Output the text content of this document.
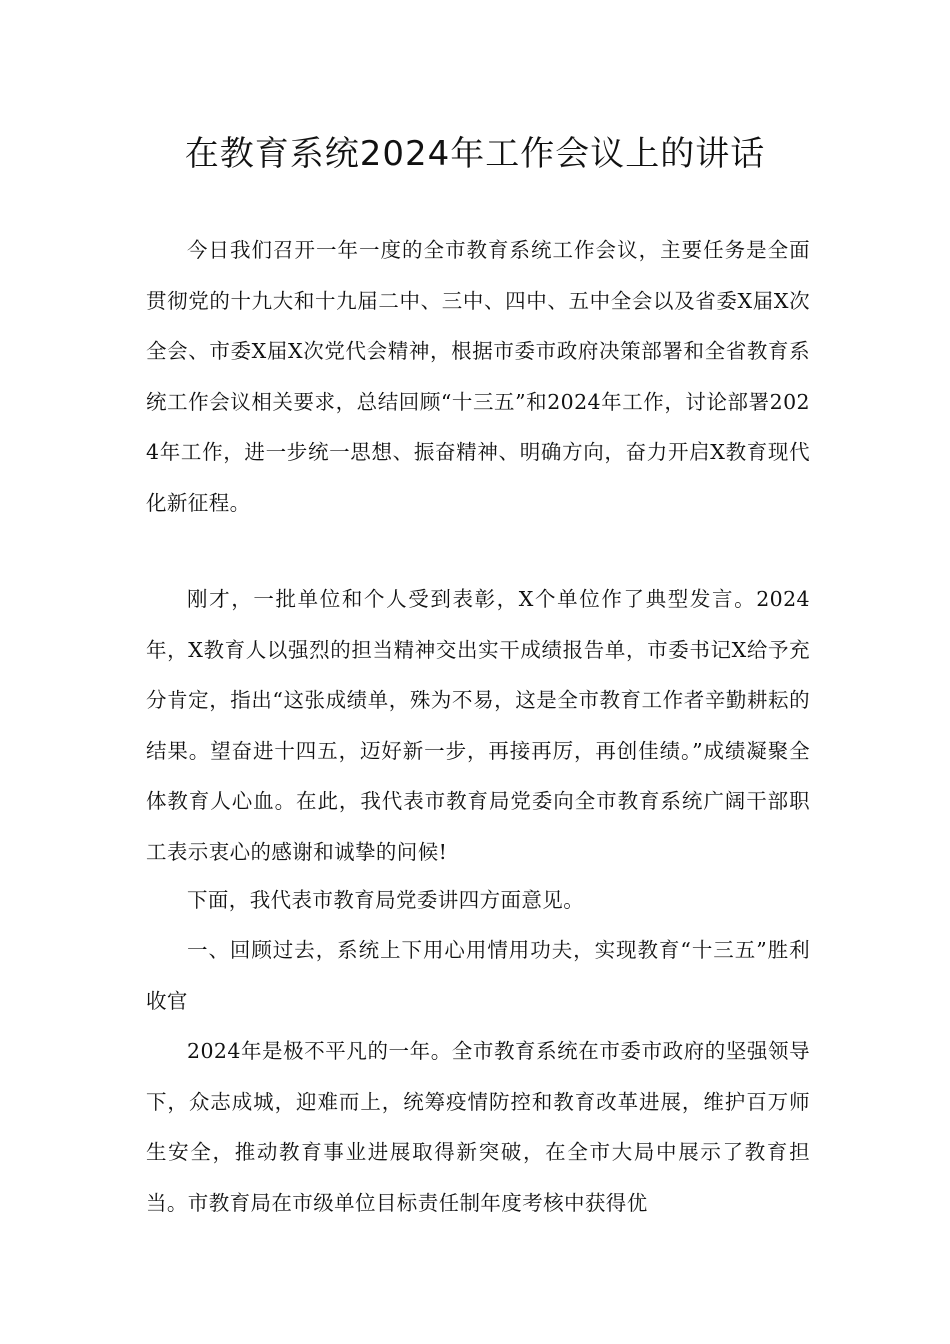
在教育系统2024年工作会议上的讲话

今日我们召开一年一度的全市教育系统工作会议，主要任务是全面贯彻党的十九大和十九届二中、三中、四中、五中全会以及省委X届X次全会、市委X届X次党代会精神，根据市委市政府决策部署和全省教育系统工作会议相关要求，总结回顾“十三五”和2024年工作，讨论部署2024年工作，进一步统一思想、振奋精神、明确方向，奋力开启X教育现代化新征程。

刚才，一批单位和个人受到表彰，X个单位作了典型发言。2024年，X教育人以强烈的担当精神交出实干成绩报告单，市委书记X给予充分肯定，指出“这张成绩单，殊为不易，这是全市教育工作者辛勤耕耘的结果。望奋进十四五，迈好新一步，再接再厉，再创佳绩。”成绩凝聚全体教育人心血。在此，我代表市教育局党委向全市教育系统广阔干部职工表示衷心的感谢和诚挚的问候!

下面，我代表市教育局党委讲四方面意见。

一、回顾过去，系统上下用心用情用功夫，实现教育“十三五”胜利收官

2024年是极不平凡的一年。全市教育系统在市委市政府的坚强领导下，众志成城，迎难而上，统筹疫情防控和教育改革进展，维护百万师生安全，推动教育事业进展取得新突破，在全市大局中展示了教育担当。市教育局在市级单位目标责任制年度考核中获得优
